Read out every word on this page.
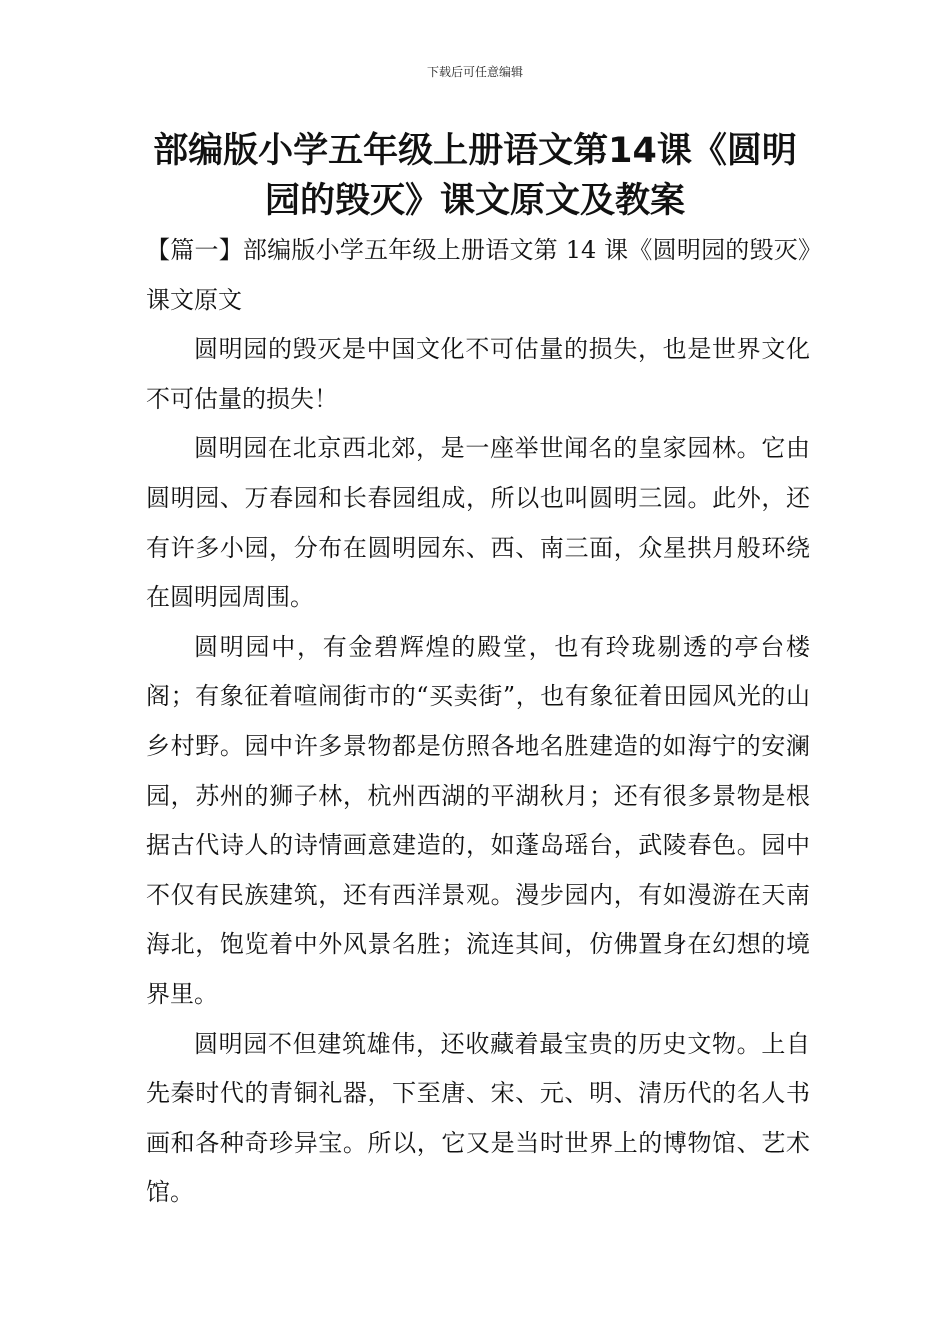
下载后可任意编辑
部编版小学五年级上册语文第14课《圆明园的毁灭》课文原文及教案

【篇一】部编版小学五年级上册语文第 14 课《圆明园的毁灭》课文原文

圆明园的毁灭是中国文化不可估量的损失，也是世界文化不可估量的损失！

圆明园在北京西北郊，是一座举世闻名的皇家园林。它由圆明园、万春园和长春园组成，所以也叫圆明三园。此外，还有许多小园，分布在圆明园东、西、南三面，众星拱月般环绕在圆明园周围。

圆明园中，有金碧辉煌的殿堂，也有玲珑剔透的亭台楼阁；有象征着喧闹街市的“买卖街”，也有象征着田园风光的山乡村野。园中许多景物都是仿照各地名胜建造的如海宁的安澜园，苏州的狮子林，杭州西湖的平湖秋月；还有很多景物是根据古代诗人的诗情画意建造的，如蓬岛瑶台，武陵春色。园中不仅有民族建筑，还有西洋景观。漫步园内，有如漫游在天南海北，饱览着中外风景名胜；流连其间，仿佛置身在幻想的境界里。

圆明园不但建筑雄伟，还收藏着最宝贵的历史文物。上自先秦时代的青铜礼器，下至唐、宋、元、明、清历代的名人书画和各种奇珍异宝。所以，它又是当时世界上的博物馆、艺术馆。
